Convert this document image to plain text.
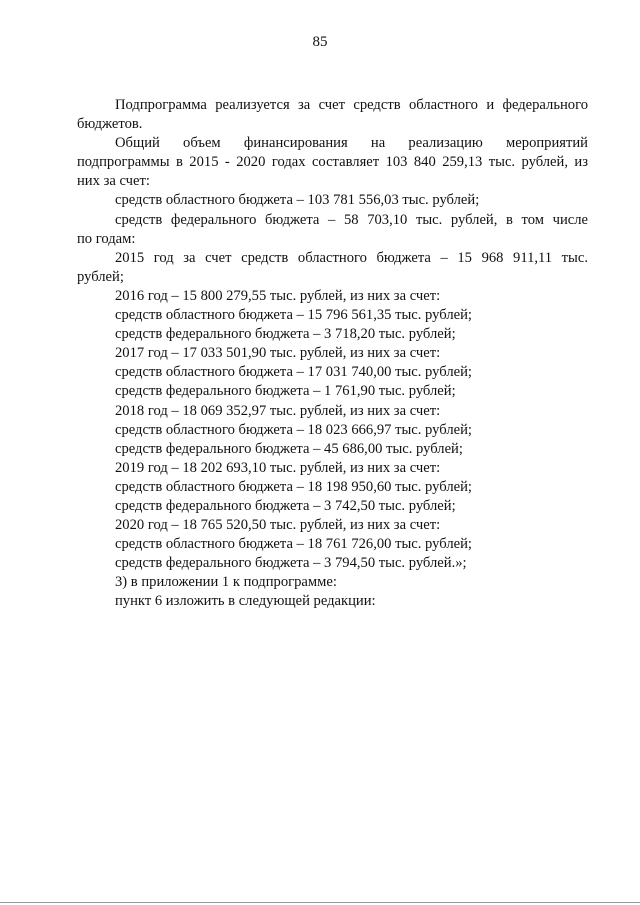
85

Подпрограмма реализуется за счет средств областного и федерального

бюджетов.

Общий объем финансирования на реализацию мероприятий

подпрограммы в 2015 - 2020 годах составляет 103 840 259,13 тыс. рублей, из

них за счет:

средств областного бюджета – 103 781 556,03 тыс. рублей;

средств федерального бюджета – 58 703,10 тыс. рублей, в том числе

по годам:

2015 год за счет средств областного бюджета – 15 968 911,11 тыс.

рублей;

2016 год – 15 800 279,55 тыс. рублей, из них за счет:

средств областного бюджета – 15 796 561,35 тыс. рублей;

средств федерального бюджета – 3 718,20 тыс. рублей;

2017 год – 17 033 501,90 тыс. рублей, из них за счет:

средств областного бюджета – 17 031 740,00 тыс. рублей;

средств федерального бюджета – 1 761,90 тыс. рублей;

2018 год – 18 069 352,97 тыс. рублей, из них за счет:

средств областного бюджета – 18 023 666,97 тыс. рублей;

средств федерального бюджета – 45 686,00 тыс. рублей;

2019 год – 18 202 693,10 тыс. рублей, из них за счет:

средств областного бюджета – 18 198 950,60 тыс. рублей;

средств федерального бюджета – 3 742,50 тыс. рублей;

2020 год – 18 765 520,50 тыс. рублей, из них за счет:

средств областного бюджета – 18 761 726,00 тыс. рублей;

средств федерального бюджета – 3 794,50 тыс. рублей.»;

3) в приложении 1 к подпрограмме:

пункт 6 изложить в следующей редакции:
